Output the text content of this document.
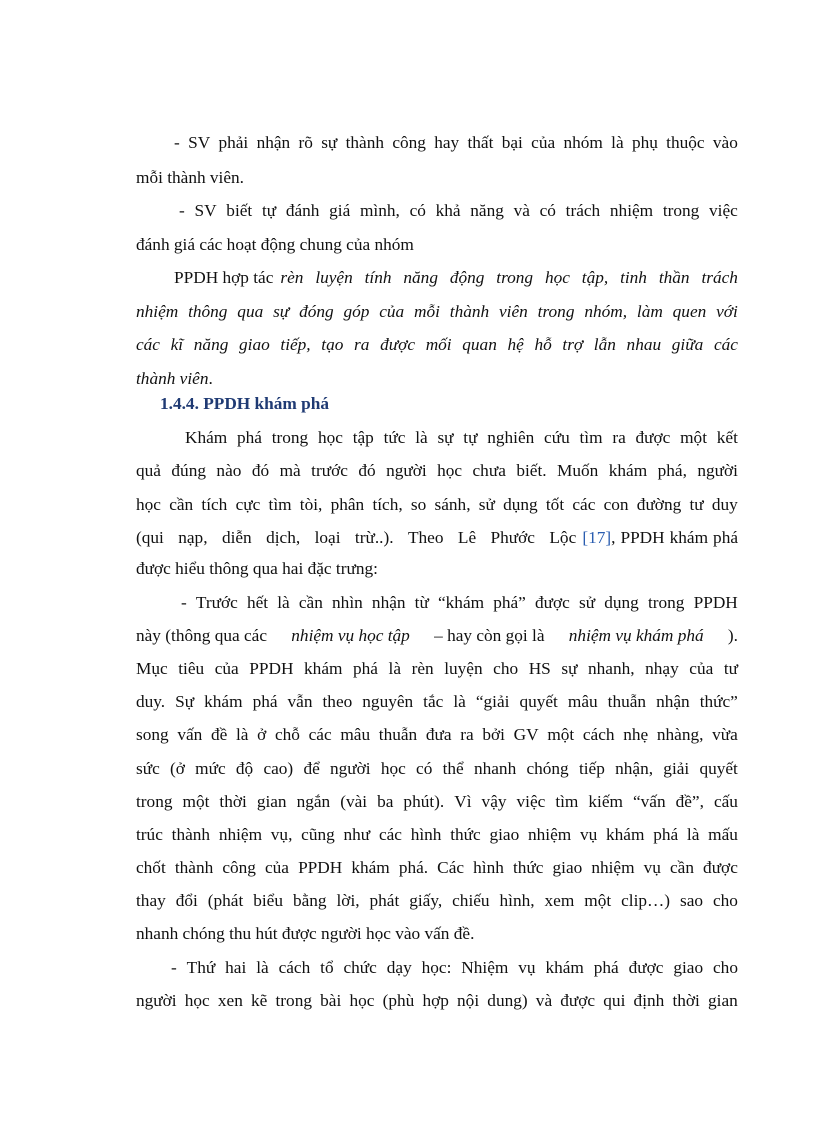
- SV phải nhận rõ sự thành công hay thất bại của nhóm là phụ thuộc vào
mỗi thành viên.
- SV biết tự đánh giá mình, có khả năng và có trách nhiệm trong việc
đánh giá các hoạt động chung của nhóm
PPDH hợp tác rèn luyện tính năng động trong học tập, tinh thần trách
nhiệm thông qua sự đóng góp của mỗi thành viên trong nhóm, làm quen với
các kĩ năng giao tiếp, tạo ra được mối quan hệ hỗ trợ lẫn nhau giữa các
thành viên.
1.4.4. PPDH khám phá
Khám phá trong học tập tức là sự tự nghiên cứu tìm ra được một kết
quả đúng nào đó mà trước đó người học chưa biết. Muốn khám phá, người
học cần tích cực tìm tòi, phân tích, so sánh, sử dụng tốt các con đường tư duy
(qui nạp, diễn dịch, loại trừ..). Theo Lê Phước Lộc [17] , PPDH khám phá
được hiểu thông qua hai đặc trưng:
- Trước hết là cần nhìn nhận từ “khám phá” được sử dụng trong PPDH
này (thông qua các nhiệm vụ học tập – hay còn gọi là nhiệm vụ khám phá ).
Mục tiêu của PPDH khám phá là rèn luyện cho HS sự nhanh, nhạy của tư
duy. Sự khám phá vẫn theo nguyên tắc là “giải quyết mâu thuẫn nhận thức”
song vấn đề là ở chỗ các mâu thuẫn đưa ra bởi GV một cách nhẹ nhàng, vừa
sức (ở mức độ cao) để người học có thể nhanh chóng tiếp nhận, giải quyết
trong một thời gian ngắn (vài ba phút). Vì vậy việc tìm kiếm “vấn đề”, cấu
trúc thành nhiệm vụ, cũng như các hình thức giao nhiệm vụ khám phá là mấu
chốt thành công của PPDH khám phá. Các hình thức giao nhiệm vụ cần được
thay đổi (phát biểu bằng lời, phát giấy, chiếu hình, xem một clip…) sao cho
nhanh chóng thu hút được người học vào vấn đề.
- Thứ hai là cách tổ chức dạy học: Nhiệm vụ khám phá được giao cho
người học xen kẽ trong bài học (phù hợp nội dung) và được qui định thời gian
